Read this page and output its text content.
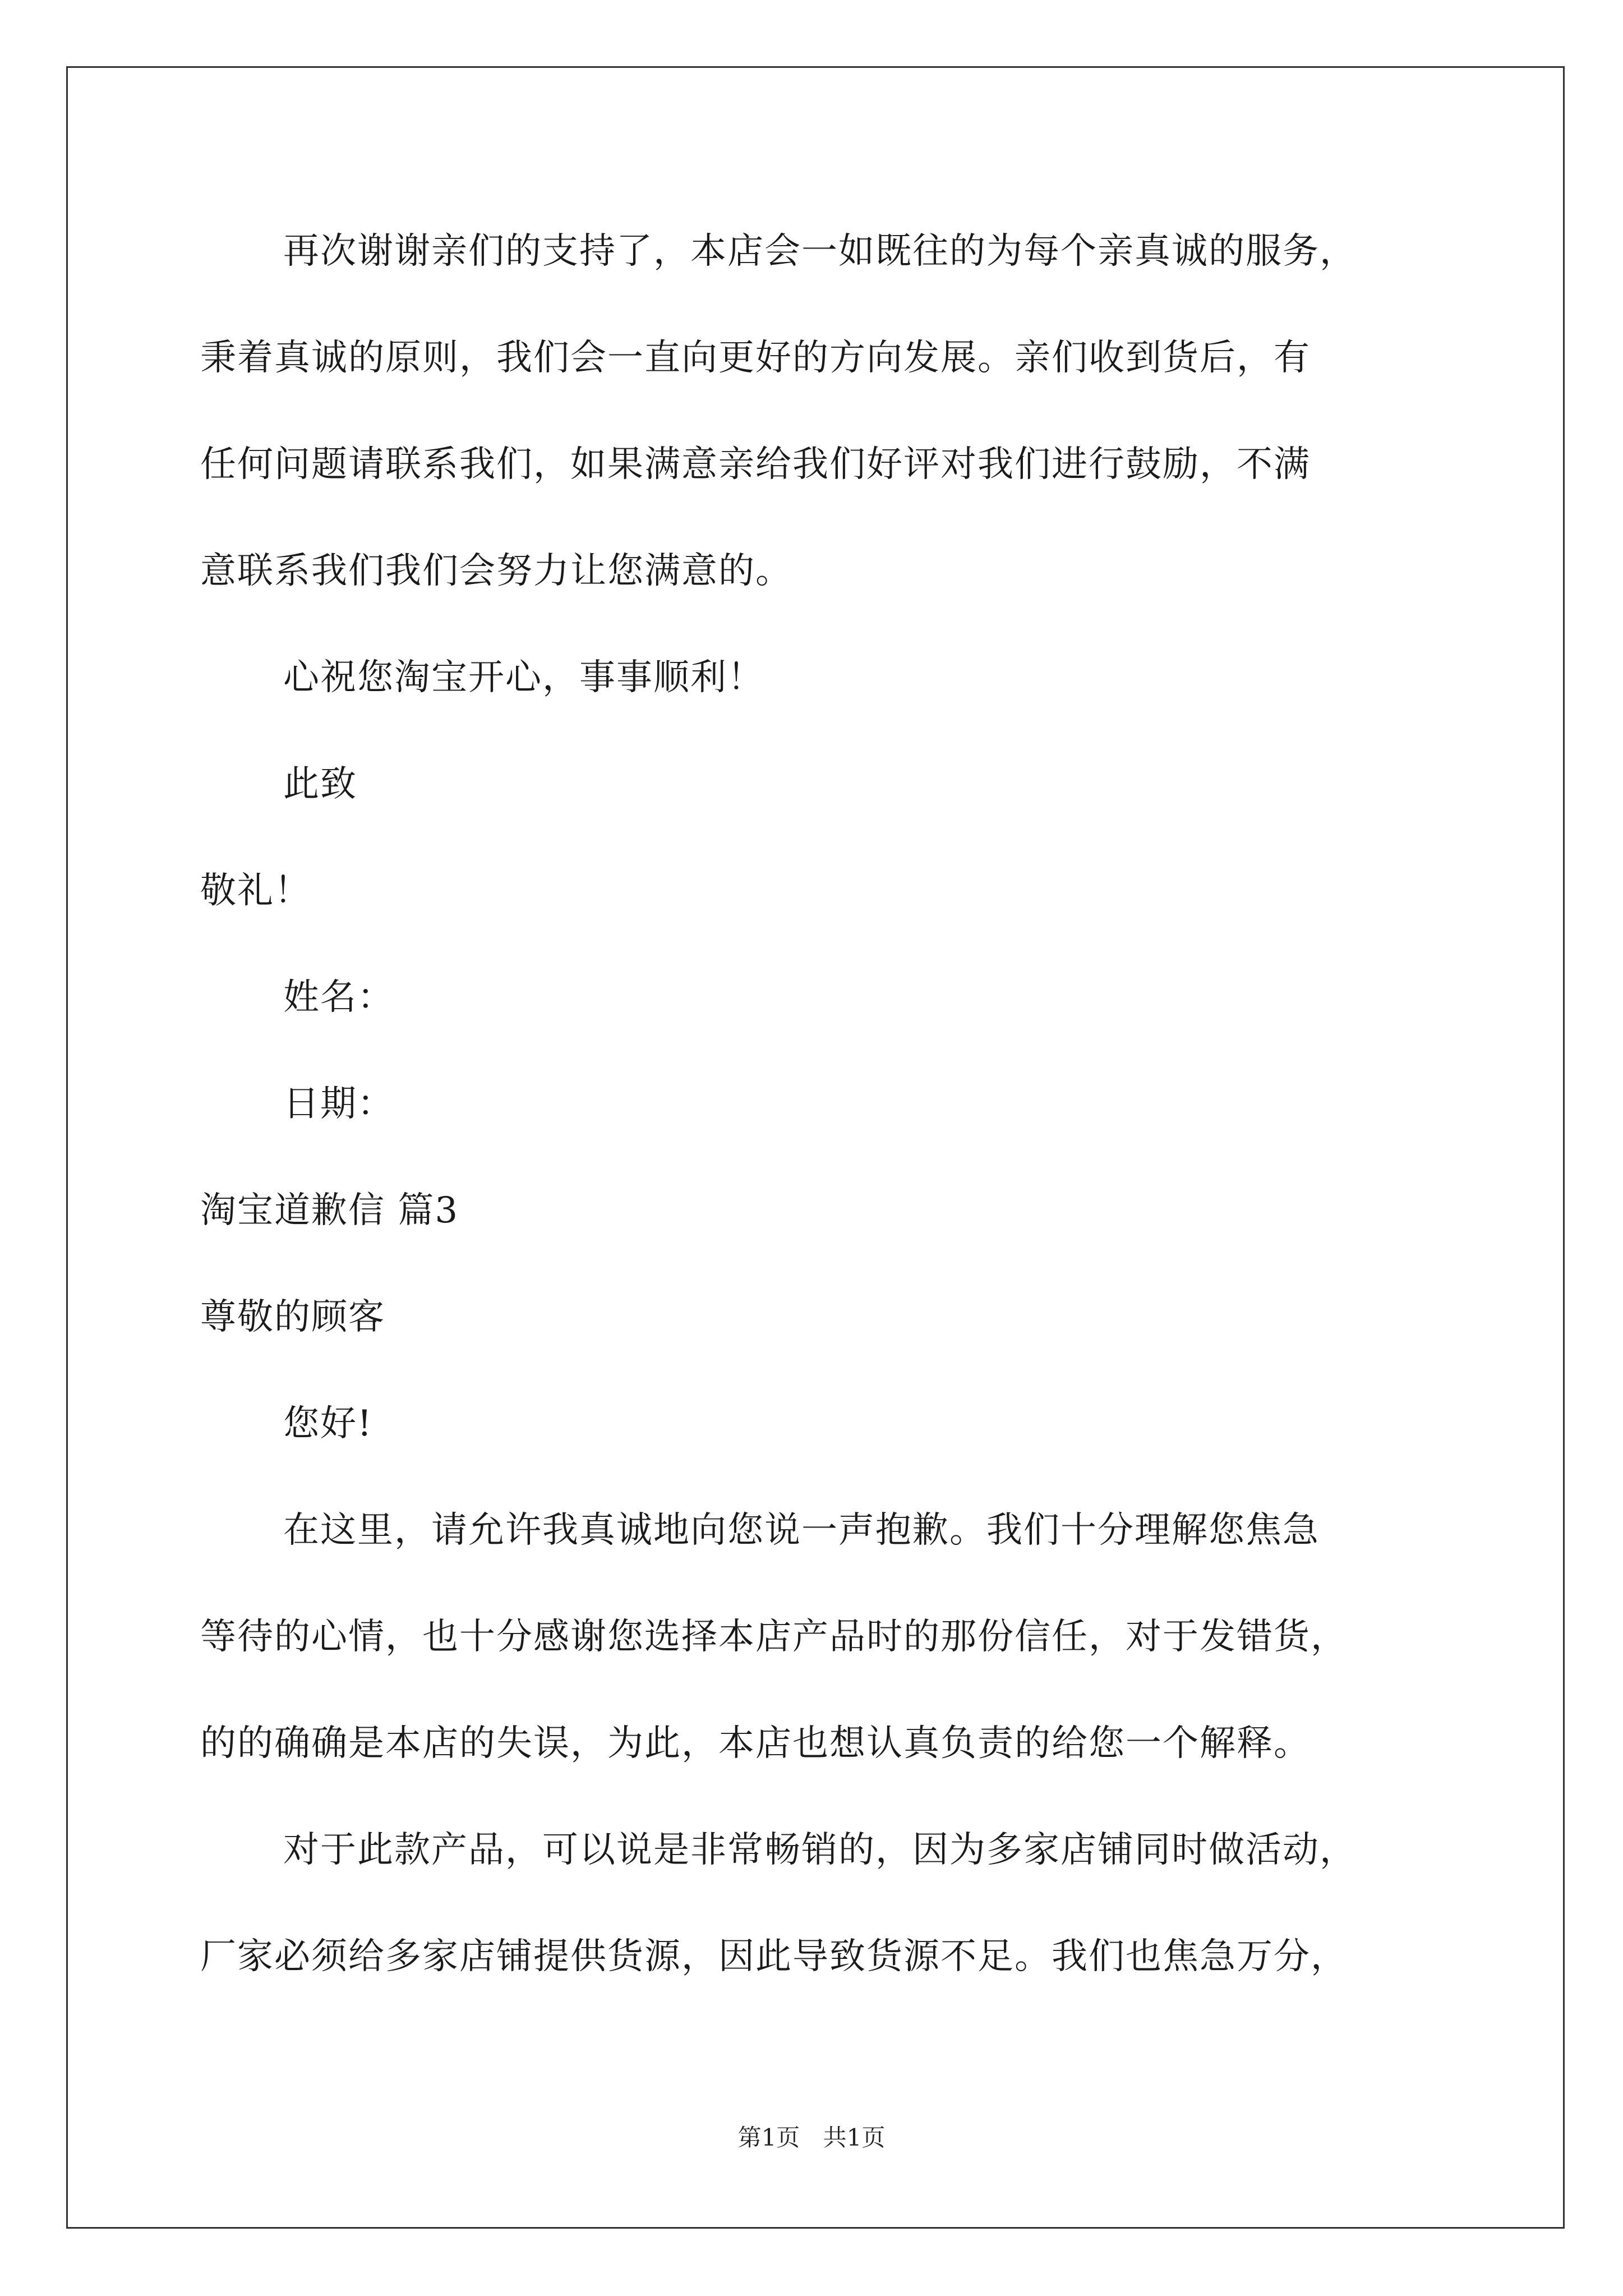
再次谢谢亲们的支持了，本店会一如既往的为每个亲真诚的服务，
秉着真诚的原则，我们会一直向更好的方向发展。亲们收到货后，有
任何问题请联系我们，如果满意亲给我们好评对我们进行鼓励，不满
意联系我们我们会努力让您满意的。
心祝您淘宝开心，事事顺利！
此致
敬礼！
姓名：
日期：
淘宝道歉信 篇3
尊敬的顾客
您好!
在这里，请允许我真诚地向您说一声抱歉。我们十分理解您焦急
等待的心情，也十分感谢您选择本店产品时的那份信任，对于发错货，
的的确确是本店的失误，为此，本店也想认真负责的给您一个解释。
对于此款产品，可以说是非常畅销的，因为多家店铺同时做活动，
厂家必须给多家店铺提供货源，因此导致货源不足。我们也焦急万分，
第1页 共1页
